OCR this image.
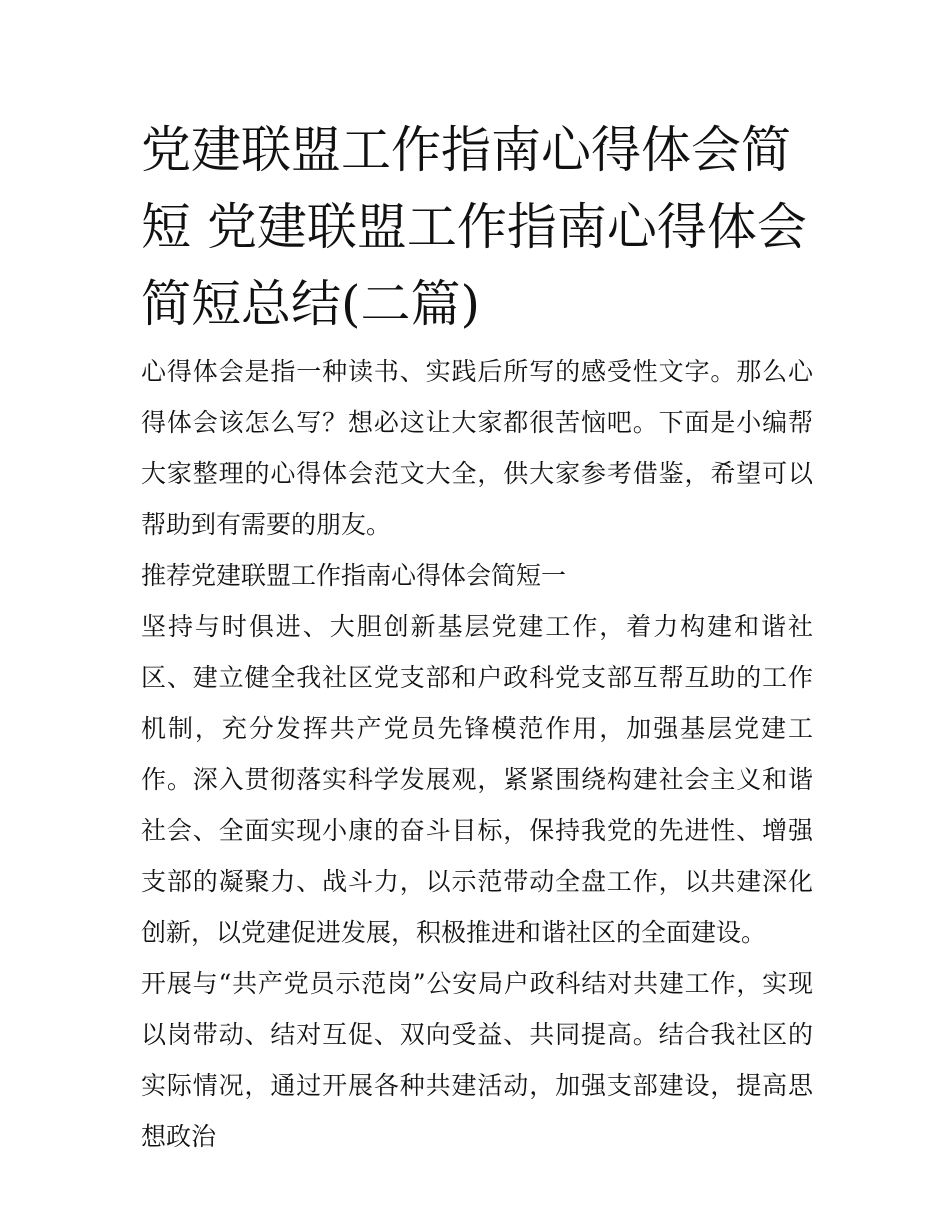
党建联盟工作指南心得体会简短 党建联盟工作指南心得体会简短总结(二篇)

心得体会是指一种读书、实践后所写的感受性文字。那么心得体会该怎么写？想必这让大家都很苦恼吧。下面是小编帮大家整理的心得体会范文大全，供大家参考借鉴，希望可以帮助到有需要的朋友。

推荐党建联盟工作指南心得体会简短一

坚持与时俱进、大胆创新基层党建工作，着力构建和谐社区、建立健全我社区党支部和户政科党支部互帮互助的工作机制，充分发挥共产党员先锋模范作用，加强基层党建工作。深入贯彻落实科学发展观，紧紧围绕构建社会主义和谐社会、全面实现小康的奋斗目标，保持我党的先进性、增强支部的凝聚力、战斗力，以示范带动全盘工作，以共建深化创新，以党建促进发展，积极推进和谐社区的全面建设。

开展与“共产党员示范岗”公安局户政科结对共建工作，实现以岗带动、结对互促、双向受益、共同提高。结合我社区的实际情况，通过开展各种共建活动，加强支部建设，提高思想政治
